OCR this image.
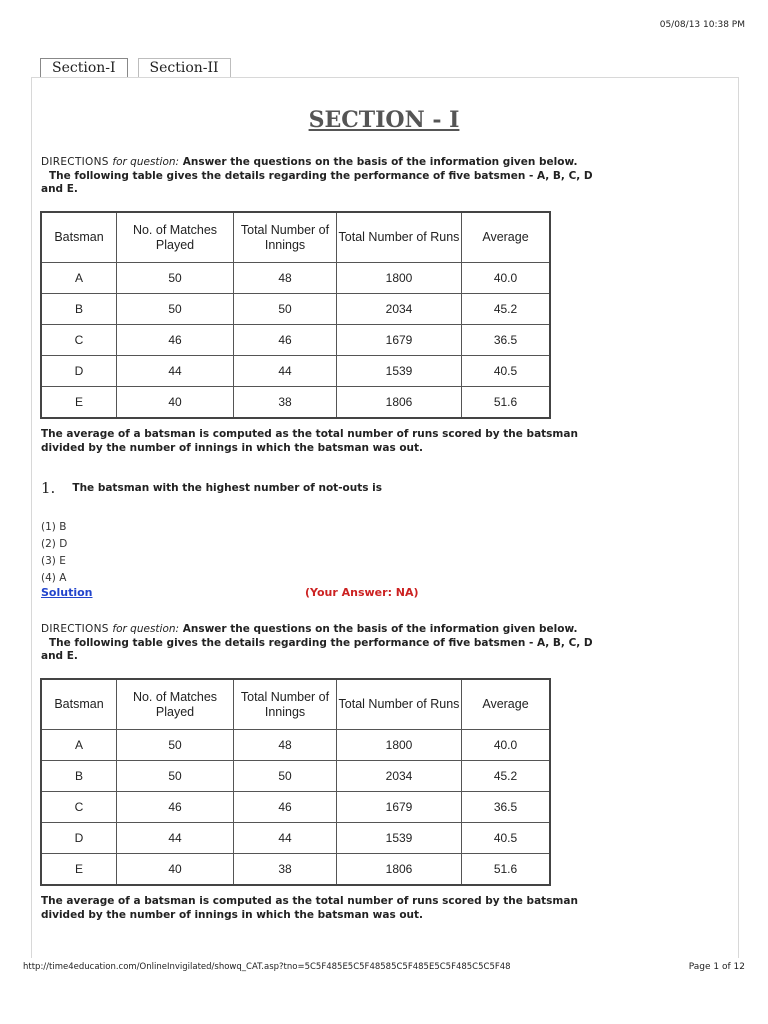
05/08/13 10:38 PM
Section-I	Section-II
SECTION - I
DIRECTIONS for question: Answer the questions on the basis of the information given below.
The following table gives the details regarding the performance of five batsmen - A, B, C, D
and E.
Batsman	No. of Matches Played	Total Number of Innings	Total Number of Runs	Average
A	50	48	1800	40.0
B	50	50	2034	45.2
C	46	46	1679	36.5
D	44	44	1539	40.5
E	40	38	1806	51.6
The average of a batsman is computed as the total number of runs scored by the batsman
divided by the number of innings in which the batsman was out.
1. The batsman with the highest number of not-outs is
(1) B
(2) D
(3) E
(4) A
Solution	(Your Answer: NA)
DIRECTIONS for question: Answer the questions on the basis of the information given below.
The following table gives the details regarding the performance of five batsmen - A, B, C, D
and E.
Batsman	No. of Matches Played	Total Number of Innings	Total Number of Runs	Average
A	50	48	1800	40.0
B	50	50	2034	45.2
C	46	46	1679	36.5
D	44	44	1539	40.5
E	40	38	1806	51.6
The average of a batsman is computed as the total number of runs scored by the batsman
divided by the number of innings in which the batsman was out.
http://time4education.com/OnlineInvigilated/showq_CAT.asp?tno=5C5F485E5C5F48585C5F485E5C5F485C5C5F48	Page 1 of 12
